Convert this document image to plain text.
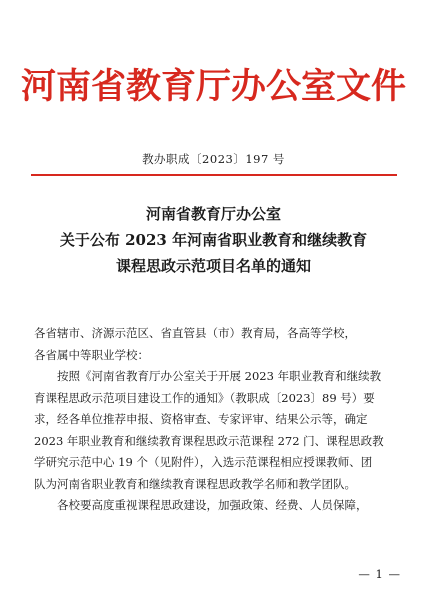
河南省教育厅办公室文件
教办职成〔2023〕197 号
河南省教育厅办公室
关于公布 2023 年河南省职业教育和继续教育
课程思政示范项目名单的通知

各省辖市、济源示范区、省直管县（市）教育局，各高等学校，
各省属中等职业学校：

按照《河南省教育厅办公室关于开展 2023 年职业教育和继续教
育课程思政示范项目建设工作的通知》（教职成〔2023〕89 号）要
求，经各单位推荐申报、资格审查、专家评审、结果公示等，确定
2023 年职业教育和继续教育课程思政示范课程 272 门、课程思政教
学研究示范中心 19 个（见附件），入选示范课程相应授课教师、团
队为河南省职业教育和继续教育课程思政教学名师和教学团队。

各校要高度重视课程思政建设，加强政策、经费、人员保障，

— 1 —
